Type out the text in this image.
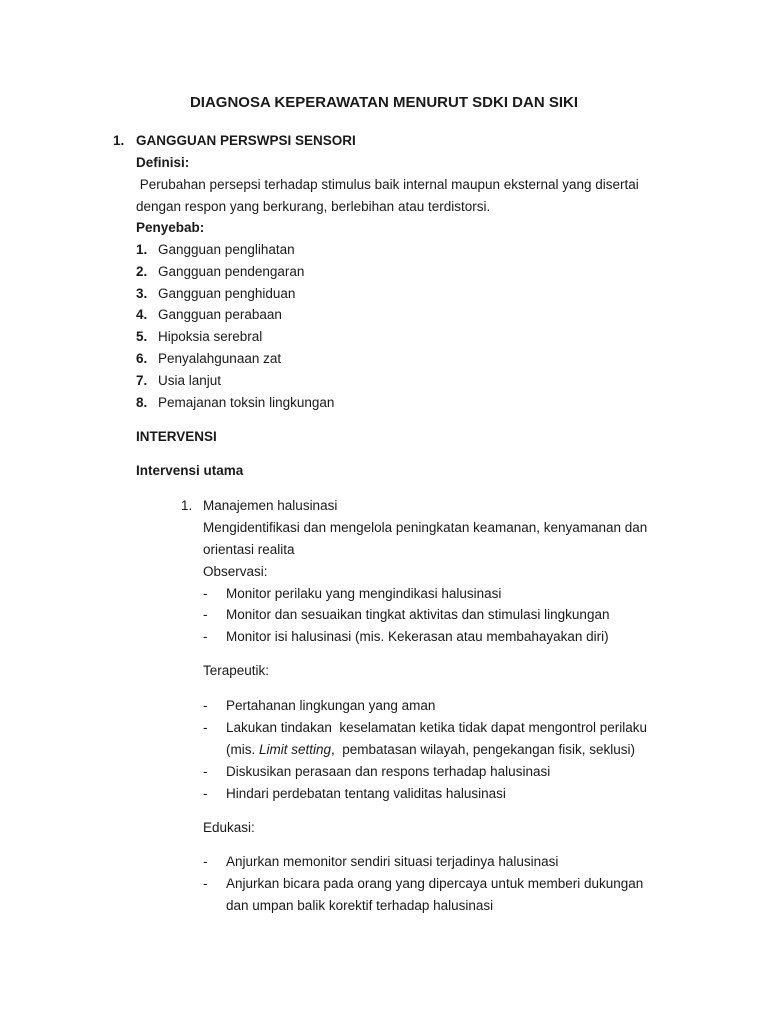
DIAGNOSA KEPERAWATAN MENURUT SDKI DAN SIKI
1. GANGGUAN PERSWPSI SENSORI
Definisi:
Perubahan persepsi terhadap stimulus baik internal maupun eksternal yang disertai
dengan respon yang berkurang, berlebihan atau terdistorsi.
Penyebab:
1. Gangguan penglihatan
2. Gangguan pendengaran
3. Gangguan penghiduan
4. Gangguan perabaan
5. Hipoksia serebral
6. Penyalahgunaan zat
7. Usia lanjut
8. Pemajanan toksin lingkungan
INTERVENSI
Intervensi utama
1. Manajemen halusinasi
Mengidentifikasi dan mengelola peningkatan keamanan, kenyamanan dan
orientasi realita
Observasi:
- Monitor perilaku yang mengindikasi halusinasi
- Monitor dan sesuaikan tingkat aktivitas dan stimulasi lingkungan
- Monitor isi halusinasi (mis. Kekerasan atau membahayakan diri)
Terapeutik:
- Pertahanan lingkungan yang aman
- Lakukan tindakan  keselamatan ketika tidak dapat mengontrol perilaku
(mis. Limit setting,  pembatasan wilayah, pengekangan fisik, seklusi)
- Diskusikan perasaan dan respons terhadap halusinasi
- Hindari perdebatan tentang validitas halusinasi
Edukasi:
- Anjurkan memonitor sendiri situasi terjadinya halusinasi
- Anjurkan bicara pada orang yang dipercaya untuk memberi dukungan
dan umpan balik korektif terhadap halusinasi
